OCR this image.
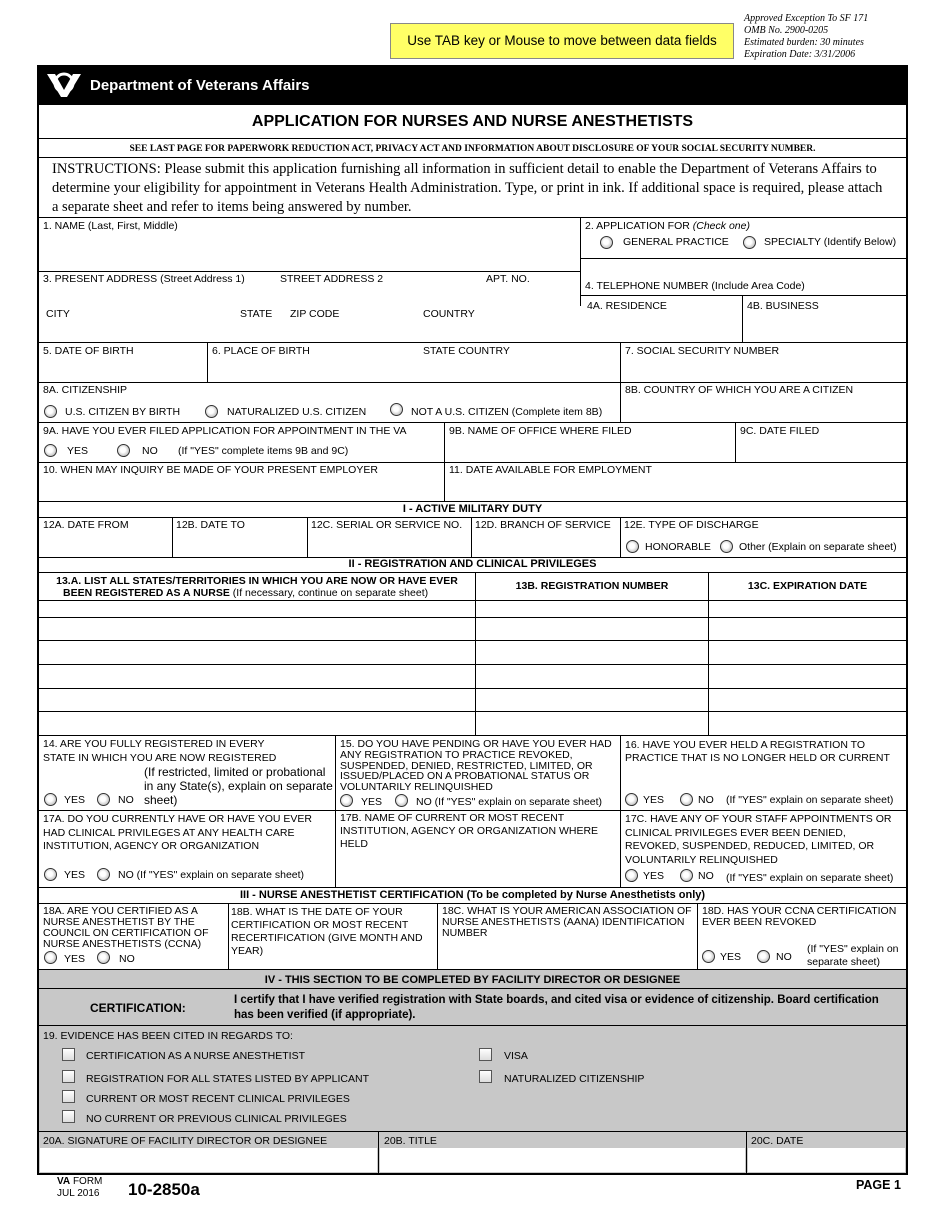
Use TAB key or Mouse to move between data fields
Approved Exception To SF 171
OMB No. 2900-0205
Estimated burden: 30 minutes
Expiration Date: 3/31/2006
Department of Veterans Affairs
APPLICATION FOR NURSES AND NURSE ANESTHETISTS
SEE LAST PAGE FOR PAPERWORK REDUCTION ACT, PRIVACY ACT AND INFORMATION ABOUT DISCLOSURE OF YOUR SOCIAL SECURITY NUMBER.
INSTRUCTIONS: Please submit this application furnishing all information in sufficient detail to enable the Department of Veterans Affairs to determine your eligibility for appointment in Veterans Health Administration. Type, or print in ink. If additional space is required, please attach a separate sheet and refer to items being answered by number.
1. NAME (Last, First, Middle)	2. APPLICATION FOR (Check one)
GENERAL PRACTICE	SPECIALTY (Identify Below)
3. PRESENT ADDRESS (Street Address 1)	STREET ADDRESS 2	APT. NO.
CITY	STATE ZIP CODE	COUNTRY
4. TELEPHONE NUMBER (Include Area Code)
4A. RESIDENCE	4B. BUSINESS
5. DATE OF BIRTH	6. PLACE OF BIRTH	STATE COUNTRY	7. SOCIAL SECURITY NUMBER
8A. CITIZENSHIP
U.S. CITIZEN BY BIRTH	NATURALIZED U.S. CITIZEN	NOT A U.S. CITIZEN (Complete item 8B)
8B. COUNTRY OF WHICH YOU ARE A CITIZEN
9A. HAVE YOU EVER FILED APPLICATION FOR APPOINTMENT IN THE VA
YES	NO (If "YES" complete items 9B and 9C)
9B. NAME OF OFFICE WHERE FILED	9C. DATE FILED
10. WHEN MAY INQUIRY BE MADE OF YOUR PRESENT EMPLOYER	11. DATE AVAILABLE FOR EMPLOYMENT
I - ACTIVE MILITARY DUTY
12A. DATE FROM	12B. DATE TO	12C. SERIAL OR SERVICE NO. 12D. BRANCH OF SERVICE 12E. TYPE OF DISCHARGE
HONORABLE	Other (Explain on separate sheet)
II - REGISTRATION AND CLINICAL PRIVILEGES
13.A. LIST ALL STATES/TERRITORIES IN WHICH YOU ARE NOW OR HAVE EVER
BEEN REGISTERED AS A NURSE (If necessary, continue on separate sheet)
13B. REGISTRATION NUMBER	13C. EXPIRATION DATE
14. ARE YOU FULLY REGISTERED IN EVERY
STATE IN WHICH YOU ARE NOW REGISTERED
(If restricted, limited or probational in any State(s), explain on separate sheet)
YES	NO
15. DO YOU HAVE PENDING OR HAVE YOU EVER HAD ANY REGISTRATION TO PRACTICE REVOKED, SUSPENDED, DENIED, RESTRICTED, LIMITED, OR ISSUED/PLACED ON A PROBATIONAL STATUS OR VOLUNTARILY RELINQUISHED
YES	NO (If "YES" explain on separate sheet)
16. HAVE YOU EVER HELD A REGISTRATION TO PRACTICE THAT IS NO LONGER HELD OR CURRENT
YES	NO (If "YES" explain on separate sheet)
17A. DO YOU CURRENTLY HAVE OR HAVE YOU EVER HAD CLINICAL PRIVILEGES AT ANY HEALTH CARE INSTITUTION, AGENCY OR ORGANIZATION
YES	NO (If "YES" explain on separate sheet)
17B. NAME OF CURRENT OR MOST RECENT INSTITUTION, AGENCY OR ORGANIZATION WHERE HELD
17C. HAVE ANY OF YOUR STAFF APPOINTMENTS OR CLINICAL PRIVILEGES EVER BEEN DENIED, REVOKED, SUSPENDED, REDUCED, LIMITED, OR VOLUNTARILY RELINQUISHED
YES	NO (If "YES" explain on separate sheet)
III - NURSE ANESTHETIST CERTIFICATION (To be completed by Nurse Anesthetists only)
18A. ARE YOU CERTIFIED AS A NURSE ANESTHETIST BY THE COUNCIL ON CERTIFICATION OF NURSE ANESTHETISTS (CCNA)
YES	NO
18B. WHAT IS THE DATE OF YOUR CERTIFICATION OR MOST RECENT RECERTIFICATION (GIVE MONTH AND YEAR)
18C. WHAT IS YOUR AMERICAN ASSOCIATION OF NURSE ANESTHETISTS (AANA) IDENTIFICATION NUMBER
18D. HAS YOUR CCNA CERTIFICATION EVER BEEN REVOKED
YES	NO
(If "YES" explain on separate sheet)
IV - THIS SECTION TO BE COMPLETED BY FACILITY DIRECTOR OR DESIGNEE
CERTIFICATION:
I certify that I have verified registration with State boards, and cited visa or evidence of citizenship. Board certification has been verified (if appropriate).
19. EVIDENCE HAS BEEN CITED IN REGARDS TO:
CERTIFICATION AS A NURSE ANESTHETIST
REGISTRATION FOR ALL STATES LISTED BY APPLICANT
CURRENT OR MOST RECENT CLINICAL PRIVILEGES
NO CURRENT OR PREVIOUS CLINICAL PRIVILEGES
VISA
NATURALIZED CITIZENSHIP
20A. SIGNATURE OF FACILITY DIRECTOR OR DESIGNEE	20B. TITLE	20C. DATE
VA FORM
JUL 2016 10-2850a	PAGE 1
